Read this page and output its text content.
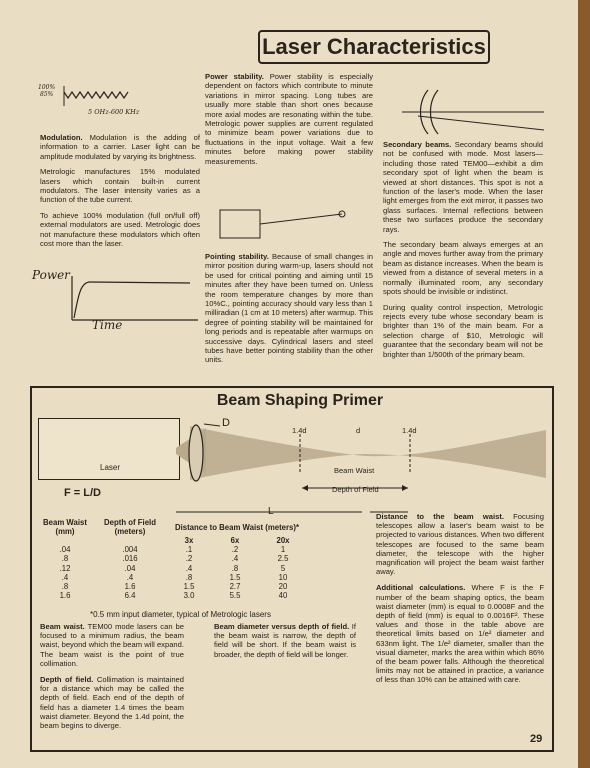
Laser Characteristics
100%
85%
5 OHz-600 KHz

Modulation. Modulation is the adding of information to a carrier. Laser light can be amplitude modulated by varying its brightness.

Metrologic manufactures 15% modulated lasers which contain built-in current modulators. The laser intensity varies as a function of the tube current.

To achieve 100% modulation (full on/full off) external modulators are used. Metrologic does not manufacture these modulators which often cost more than the laser.

Power
Time

Power stability. Power stability is especially dependent on factors which contribute to minute variations in mirror spacing. Long tubes are usually more stable than short ones because more axial modes are resonating within the tube. Metrologic power supplies are current regulated to minimize beam power variations due to fluctuations in the input voltage. Wait a few minutes before making power stability measurements.

Pointing stability. Because of small changes in mirror position during warm-up, lasers should not be used for critical pointing and aiming until 15 minutes after they have been turned on. Unless the room temperature changes by more than 10%C., pointing accuracy should vary less than 1 milliradian (1 cm at 10 meters) after warmup. This degree of pointing stability will be maintained for long periods and is repeatable after warmups on successive days. Cylindrical lasers and steel tubes have better pointing stability than the other units.

Secondary beams. Secondary beams should not be confused with mode. Most lasers—including those rated TEM00—exhibit a dim secondary spot of light when the beam is viewed at short distances. This spot is not a function of the laser's mode. When the laser light emerges from the exit mirror, it passes two glass surfaces. Internal reflections between these two surfaces produce the secondary rays.

The secondary beam always emerges at an angle and moves further away from the primary beam as distance increases. When the beam is viewed from a distance of several meters in a normally illuminated room, any secondary spots should be invisible or indistinct.

During quality control inspection, Metrologic rejects every tube whose secondary beam is brighter than 1% of the main beam. For a selection charge of $10, Metrologic will guarantee that the secondary beam will not be brighter than 1/500th of the primary beam.

Beam Shaping Primer
Laser
D
1.4d	d	1.4d
Beam Waist
Depth of Field
L
F = L/D
Beam Waist (mm)	Depth of Field (meters)	Distance to Beam Waist (meters)*		
		3x	6x	20x
.04	.004	.1	.2	1
.8	.016	.2	.4	2.5
.12	.04	.4	.8	5
.4	.4	.8	1.5	10
.8	1.6	1.5	2.7	20
1.6	6.4	3.0	5.5	40
*0.5 mm input diameter, typical of Metrologic lasers

Beam waist. TEM00 mode lasers can be focused to a minimum radius, the beam waist, beyond which the beam will expand. The beam waist is the point of true collimation.

Depth of field. Collimation is maintained for a distance which may be called the depth of field. Each end of the depth of field has a diameter 1.4 times the beam waist diameter. Beyond the 1.4d point, the beam begins to diverge.

Beam diameter versus depth of field. If the beam waist is narrow, the depth of field will be short. If the beam waist is broader, the depth of field will be longer.

Distance to the beam waist. Focusing telescopes allow a laser's beam waist to be projected to various distances. When two different telescopes are focused to the same beam diameter, the telescope with the higher magnification will project the beam waist farther away.

Additional calculations. Where F is the F number of the beam shaping optics, the beam waist diameter (mm) is equal to 0.0008F and the depth of field (mm) is equal to 0.0016F². These values and those in the table above are theoretical limits based on 1/e² diameter and 633nm light. The 1/e² diameter, smaller than the visual diameter, marks the area within which 86% of the beam power falls. Although the theoretical limits may not be attained in practice, a variance of less than 10% can be attained with care.

29
